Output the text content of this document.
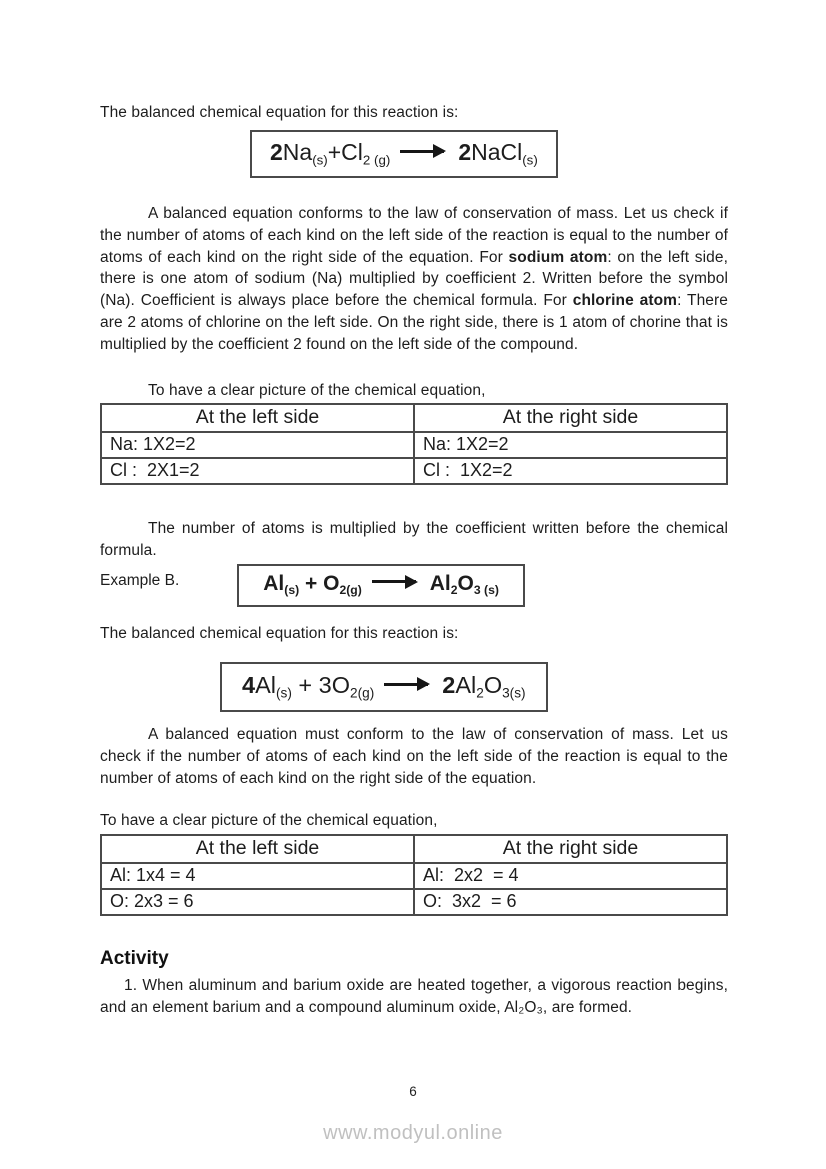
The balanced chemical equation for this reaction is:

$2Na_{(s)}+Cl_{2 (g)}$	2NaCl$_{(s)}$

A balanced equation conforms to the law of conservation of mass. Let us check if the number of atoms of each kind on the left side of the reaction is equal to the number of atoms of each kind on the right side of the equation. For sodium atom: on the left side, there is one atom of sodium (Na) multiplied by coefficient 2. Written before the symbol (Na). Coefficient is always place before the chemical formula. For chlorine atom: There are 2 atoms of chlorine on the left side. On the right side, there is 1 atom of chorine that is multiplied by the coefficient 2 found on the left side of the compound.

To have a clear picture of the chemical equation,

At the left side	At the right side
Na: 1X2=2	Na: 1X2=2
Cl :  2X1=2	Cl :  1X2=2

The number of atoms is multiplied by the coefficient written before the chemical formula.

Example B.	$Al_{(s)} + O_{2(g)}$	$Al_2O_{3 (s)}$

The balanced chemical equation for this reaction is:

$4Al_{(s)} + 3O_{2(g)}$	$2Al_2O_{3(s)}$

A balanced equation must conform to the law of conservation of mass. Let us check if the number of atoms of each kind on the left side of the reaction is equal to the number of atoms of each kind on the right side of the equation.

To have a clear picture of the chemical equation,

At the left side	At the right side
Al: 1x4 = 4	Al:  2x2  = 4
O: 2x3 = 6	O:  3x2  = 6
Activity

1. When aluminum and barium oxide are heated together, a vigorous reaction begins, and an element barium and a compound aluminum oxide, Al₂O₃, are formed.

6
www.modyul.online
